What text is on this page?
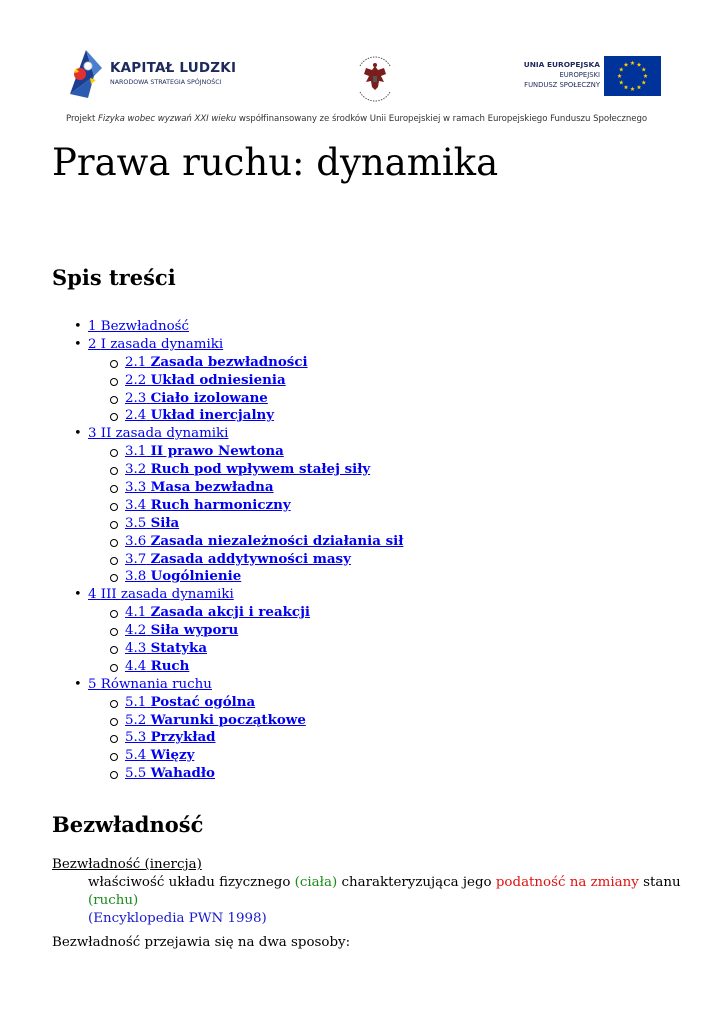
KAPITAŁ LUDZKI
NARODOWA STRATEGIA SPÓJNOŚCI
UNIA EUROPEJSKA
EUROPEJSKI
FUNDUSZ SPOŁECZNY
Projekt Fizyka wobec wyzwań XXI wieku współfinansowany ze środków Unii Europejskiej w ramach Europejskiego Funduszu Społecznego
Prawa ruchu: dynamika
Spis treści
• 1 Bezwładność
• 2 I zasada dynamiki
2.1 Zasada bezwładności
2.2 Układ odniesienia
2.3 Ciało izolowane
2.4 Układ inercjalny
• 3 II zasada dynamiki
3.1 II prawo Newtona
3.2 Ruch pod wpływem stałej siły
3.3 Masa bezwładna
3.4 Ruch harmoniczny
3.5 Siła
3.6 Zasada niezależności działania sił
3.7 Zasada addytywności masy
3.8 Uogólnienie
• 4 III zasada dynamiki
4.1 Zasada akcji i reakcji
4.2 Siła wyporu
4.3 Statyka
4.4 Ruch
• 5 Równania ruchu
5.1 Postać ogólna
5.2 Warunki początkowe
5.3 Przykład
5.4 Więzy
5.5 Wahadło
Bezwładność
Bezwładność (inercja)
właściwość układu fizycznego (ciała) charakteryzująca jego podatność na zmiany stanu (ruchu)
(Encyklopedia PWN 1998)
Bezwładność przejawia się na dwa sposoby:
